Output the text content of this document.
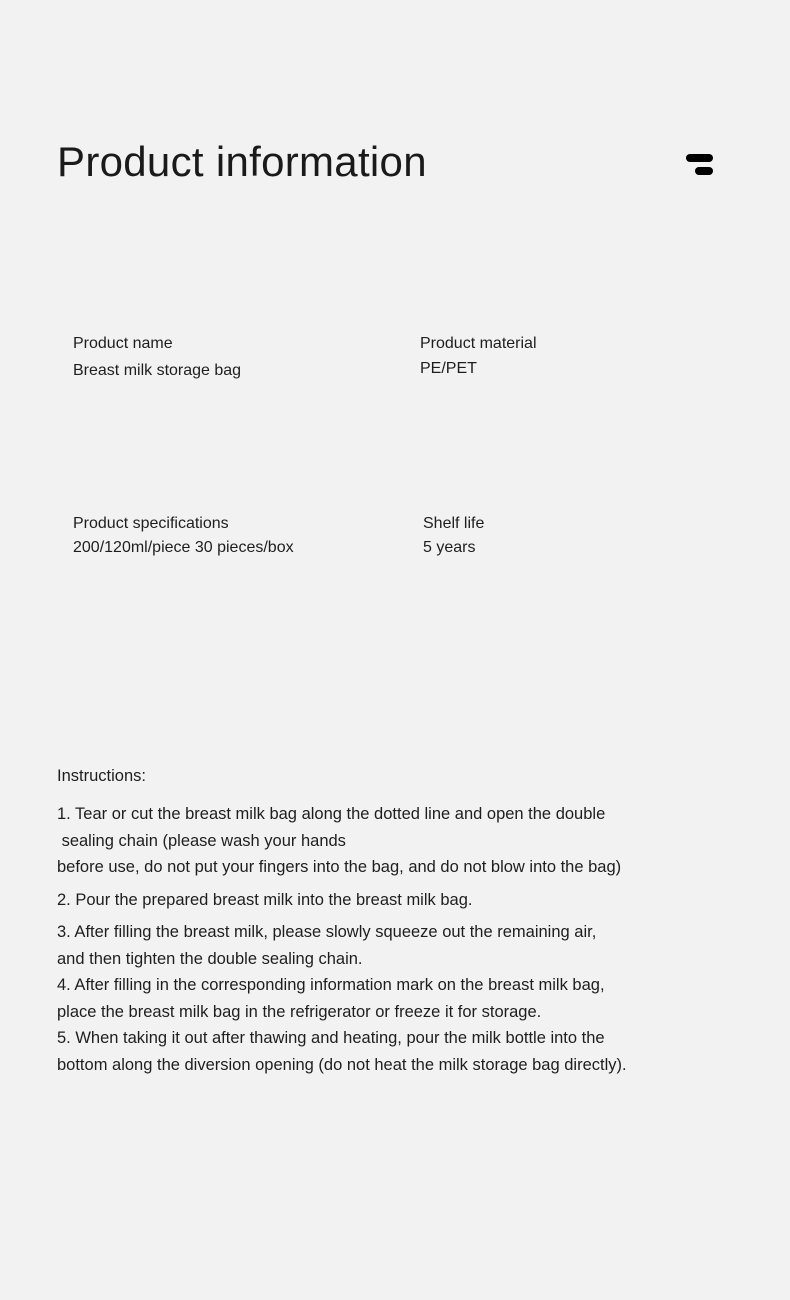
Product information
Product name
Breast milk storage bag
Product material
PE/PET
Product specifications
200/120ml/piece 30 pieces/box
Shelf life
5 years
Instructions:
1. Tear or cut the breast milk bag along the dotted line and open the double
sealing chain (please wash your hands
before use, do not put your fingers into the bag, and do not blow into the bag)
2. Pour the prepared breast milk into the breast milk bag.
3. After filling the breast milk, please slowly squeeze out the remaining air,
and then tighten the double sealing chain.
4. After filling in the corresponding information mark on the breast milk bag,
place the breast milk bag in the refrigerator or freeze it for storage.
5. When taking it out after thawing and heating, pour the milk bottle into the
bottom along the diversion opening (do not heat the milk storage bag directly).
